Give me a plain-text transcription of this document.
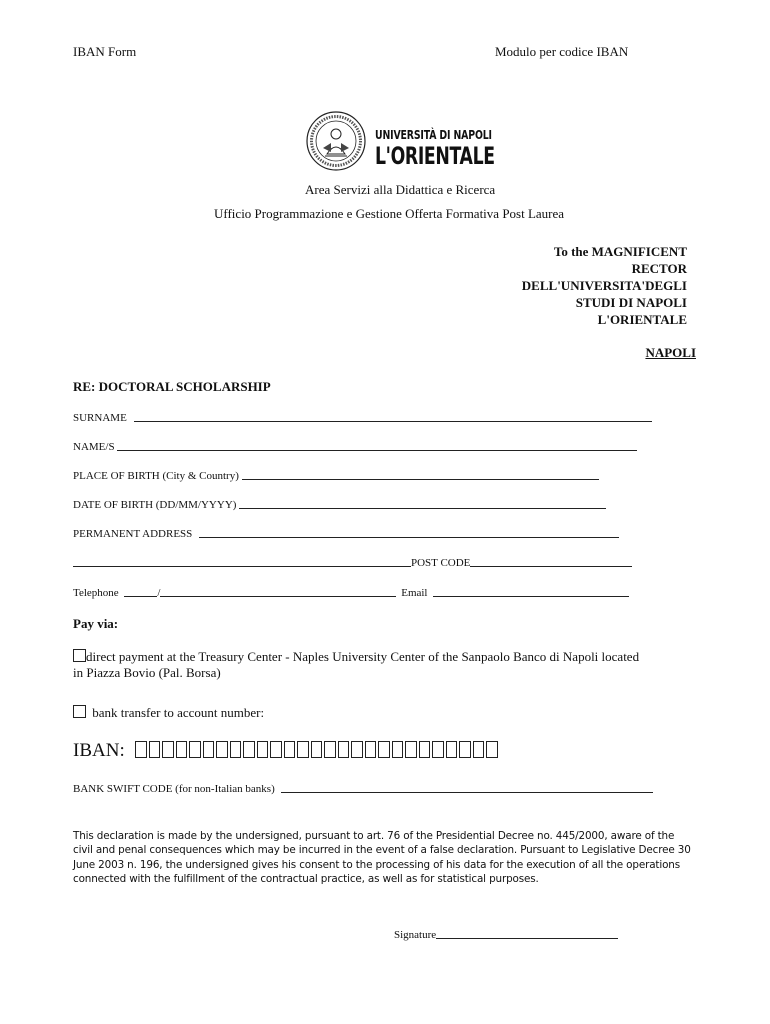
IBAN Form	Modulo per codice IBAN
UNIVERSITÀ DI NAPOLI
L'ORIENTALE
Area Servizi alla Didattica e Ricerca
Ufficio Programmazione e Gestione Offerta Formativa Post Laurea
To the MAGNIFICENT
RECTOR
DELL'UNIVERSITA'DEGLI
STUDI DI NAPOLI
L'ORIENTALE
NAPOLI
RE: DOCTORAL SCHOLARSHIP
SURNAME
NAME/S
PLACE OF BIRTH (City & Country)
DATE OF BIRTH (DD/MM/YYYY)
PERMANENT ADDRESS
POST CODE
Telephone	/	Email
Pay via:
direct payment at the Treasury Center - Naples University Center of the Sanpaolo Banco di Napoli located
in Piazza Bovio (Pal. Borsa)
bank transfer to account number:
IBAN:
BANK SWIFT CODE (for non-Italian banks)
This declaration is made by the undersigned, pursuant to art. 76 of the Presidential Decree no. 445/2000, aware of the civil and penal consequences which may be incurred in the event of a false declaration. Pursuant to Legislative Decree 30 June 2003 n. 196, the undersigned gives his consent to the processing of his data for the execution of all the operations connected with the fulfillment of the contractual practice, as well as for statistical purposes.
Signature
